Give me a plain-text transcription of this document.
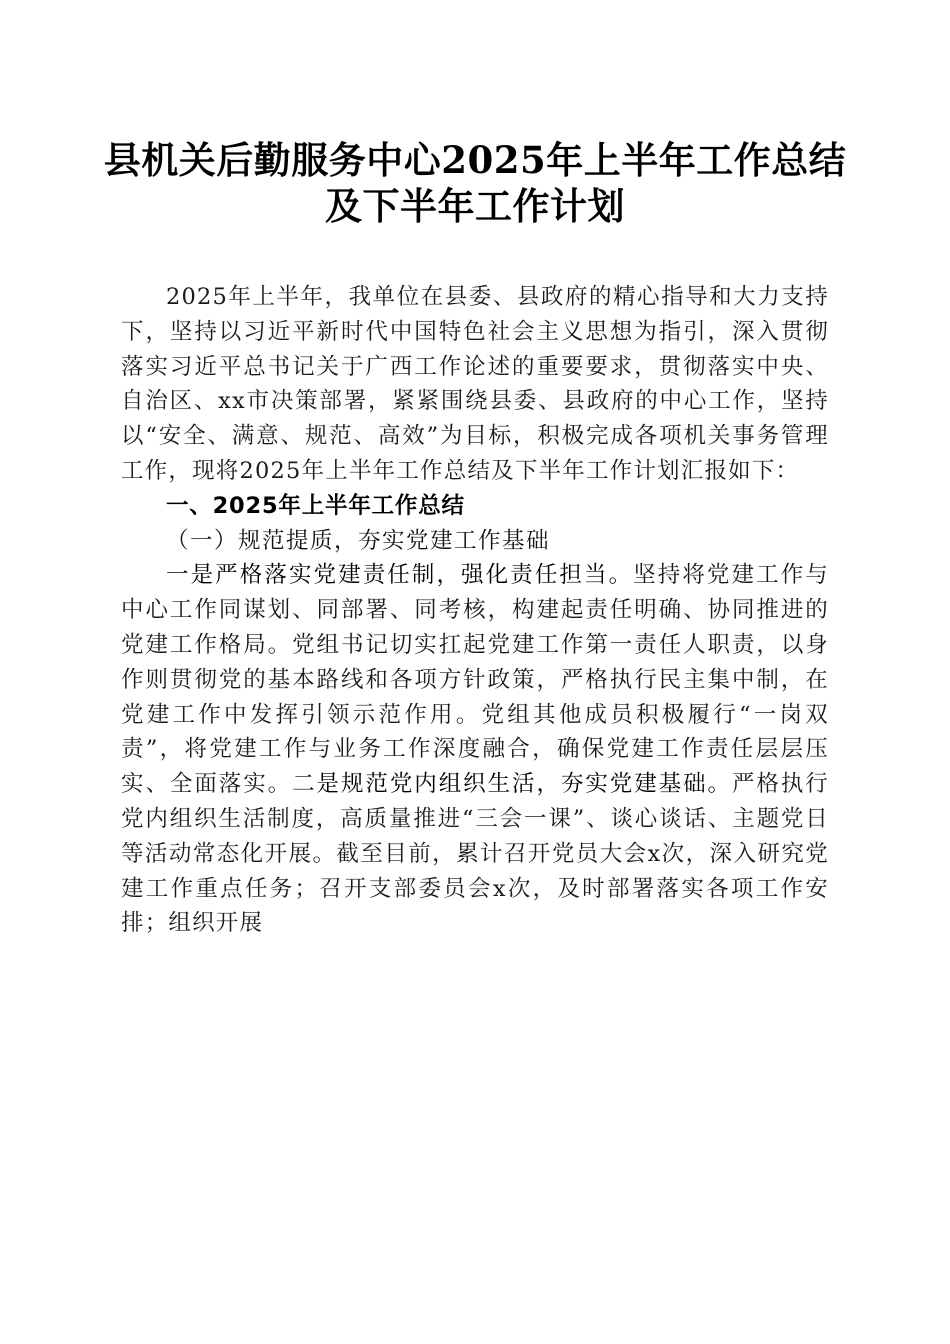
县机关后勤服务中心2025年上半年工作总结
及下半年工作计划

2025年上半年，我单位在县委、县政府的精心指导和大力支持下，坚持以习近平新时代中国特色社会主义思想为指引，深入贯彻落实习近平总书记关于广西工作论述的重要要求，贯彻落实中央、自治区、xx市决策部署，紧紧围绕县委、县政府的中心工作，坚持以“安全、满意、规范、高效”为目标，积极完成各项机关事务管理工作，现将2025年上半年工作总结及下半年工作计划汇报如下：

一、2025年上半年工作总结

（一）规范提质，夯实党建工作基础

一是严格落实党建责任制，强化责任担当。坚持将党建工作与中心工作同谋划、同部署、同考核，构建起责任明确、协同推进的党建工作格局。党组书记切实扛起党建工作第一责任人职责，以身作则贯彻党的基本路线和各项方针政策，严格执行民主集中制，在党建工作中发挥引领示范作用。党组其他成员积极履行“一岗双责”，将党建工作与业务工作深度融合，确保党建工作责任层层压实、全面落实。二是规范党内组织生活，夯实党建基础。严格执行党内组织生活制度，高质量推进“三会一课”、谈心谈话、主题党日等活动常态化开展。截至目前，累计召开党员大会x次，深入研究党建工作重点任务；召开支部委员会x次，及时部署落实各项工作安排；组织开展
